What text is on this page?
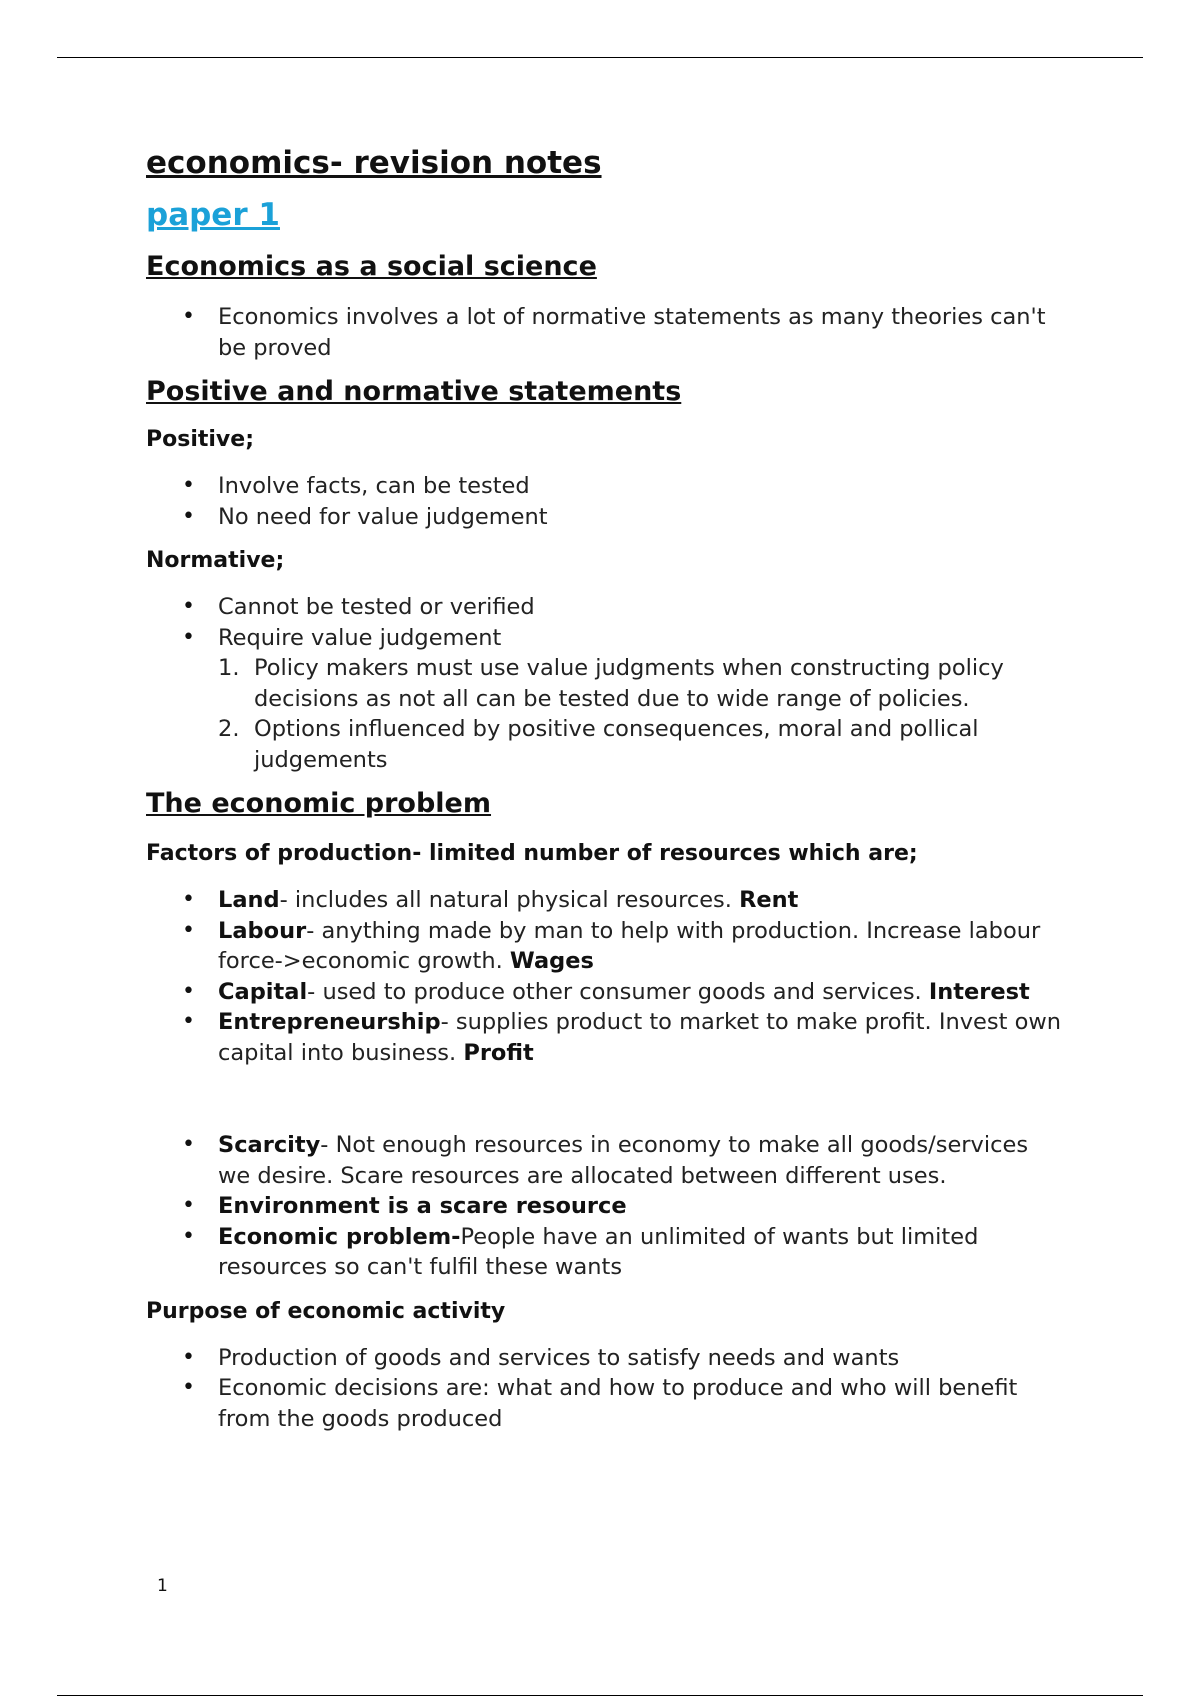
economics- revision notes
paper 1
Economics as a social science
• Economics involves a lot of normative statements as many theories can't be proved
Positive and normative statements
Positive;
• Involve facts, can be tested
• No need for value judgement
Normative;
• Cannot be tested or verified
• Require value judgement
1. Policy makers must use value judgments when constructing policy decisions as not all can be tested due to wide range of policies.
2. Options influenced by positive consequences, moral and pollical judgements
The economic problem
Factors of production- limited number of resources which are;
• Land- includes all natural physical resources. Rent
• Labour- anything made by man to help with production. Increase labour force->economic growth. Wages
• Capital- used to produce other consumer goods and services. Interest
• Entrepreneurship- supplies product to market to make profit. Invest own capital into business. Profit
• Scarcity- Not enough resources in economy to make all goods/services we desire. Scare resources are allocated between different uses.
• Environment is a scare resource
• Economic problem-People have an unlimited of wants but limited resources so can't fulfil these wants
Purpose of economic activity
• Production of goods and services to satisfy needs and wants
• Economic decisions are: what and how to produce and who will benefit from the goods produced
1
